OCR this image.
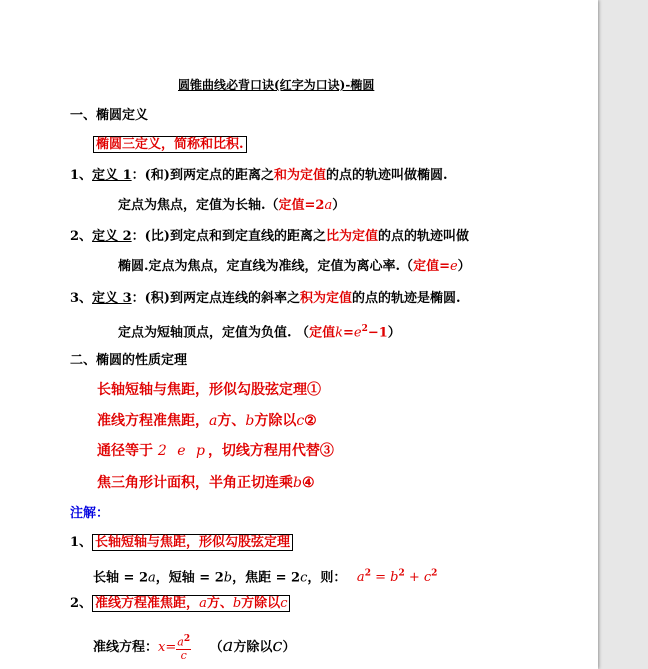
圆锥曲线必背口诀(红字为口诀)-椭圆
一、椭圆定义
椭圆三定义，简称和比积.
1、定义 1：(和)到两定点的距离之和为定值的点的轨迹叫做椭圆.
定点为焦点，定值为长轴.（定值=2a）
2、定义 2：(比)到定点和到定直线的距离之比为定值的点的轨迹叫做
椭圆.定点为焦点，定直线为准线，定值为离心率.（定值=e）
3、定义 3：(积)到两定点连线的斜率之积为定值的点的轨迹是椭圆.
定点为短轴顶点，定值为负值. （定值$k=e^2-1$）
二、椭圆的性质定理
长轴短轴与焦距，形似勾股弦定理①
准线方程准焦距，a方、b方除以c②
通径等于 2 e p，切线方程用代替③
焦三角形计面积，半角正切连乘b④
注解：
1、 长轴短轴与焦距，形似勾股弦定理
长轴 = 2a，短轴 = 2b，焦距 = 2c，则： $a^2 = b^2 + c^2$
2、 准线方程准焦距，a方、b方除以c
准线方程：$x= \frac{a^2}{c} (a$方除以c）
